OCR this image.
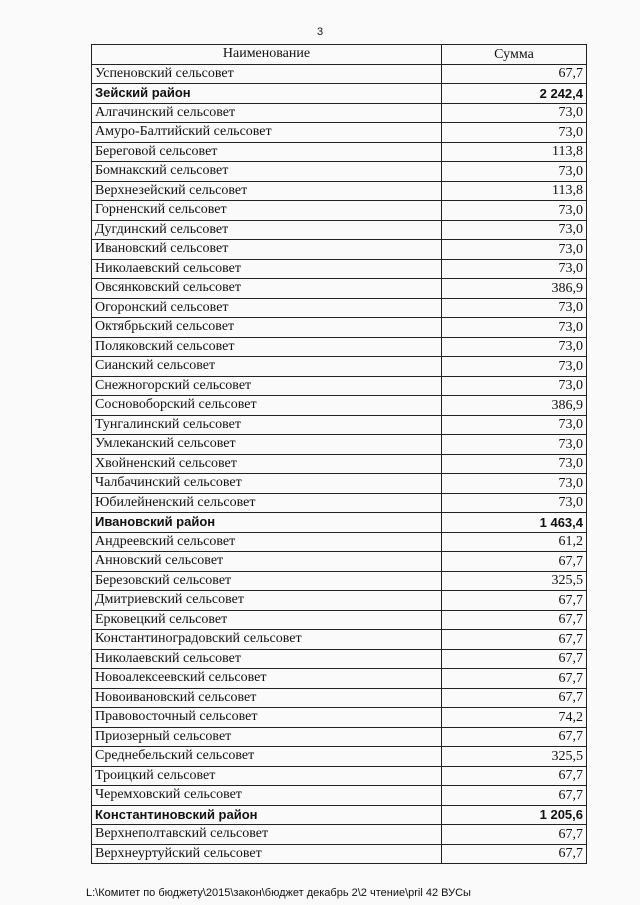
3
Наименование	Сумма
Успеновский сельсовет	67,7
Зейский район	2 242,4
Алгачинский сельсовет	73,0
Амуро-Балтийский сельсовет	73,0
Береговой сельсовет	113,8
Бомнакский сельсовет	73,0
Верхнезейский сельсовет	113,8
Горненский сельсовет	73,0
Дугдинский сельсовет	73,0
Ивановский сельсовет	73,0
Николаевский сельсовет	73,0
Овсянковский сельсовет	386,9
Огоронский сельсовет	73,0
Октябрьский сельсовет	73,0
Поляковский сельсовет	73,0
Сианский сельсовет	73,0
Снежногорский сельсовет	73,0
Сосновоборский сельсовет	386,9
Тунгалинский сельсовет	73,0
Умлеканский сельсовет	73,0
Хвойненский сельсовет	73,0
Чалбачинский сельсовет	73,0
Юбилейненский сельсовет	73,0
Ивановский район	1 463,4
Андреевский сельсовет	61,2
Анновский сельсовет	67,7
Березовский сельсовет	325,5
Дмитриевский сельсовет	67,7
Ерковецкий сельсовет	67,7
Константиноградовский сельсовет	67,7
Николаевский сельсовет	67,7
Новоалексеевский сельсовет	67,7
Новоивановский сельсовет	67,7
Правовосточный сельсовет	74,2
Приозерный сельсовет	67,7
Среднебельский сельсовет	325,5
Троицкий сельсовет	67,7
Черемховский сельсовет	67,7
Константиновский район	1 205,6
Верхнеполтавский сельсовет	67,7
Верхнеуртуйский сельсовет	67,7
L:\Комитет по бюджету\2015\закон\бюджет декабрь 2\2 чтение\pril 42 ВУСы
